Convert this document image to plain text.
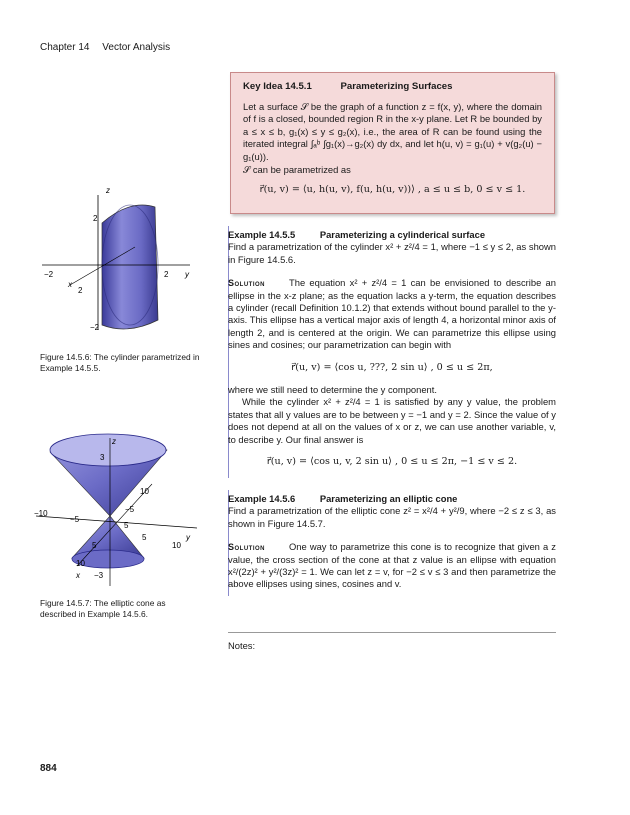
Chapter 14 Vector Analysis
Key Idea 14.5.1	Parameterizing Surfaces

Let a surface 𝒮 be the graph of a function z = f(x, y), where the domain of f is a closed, bounded region R in the x-y plane. Let R be bounded by a ≤ x ≤ b, g₁(x) ≤ y ≤ g₂(x), i.e., the area of R can be found using the iterated integral ∫ₐᵇ ∫g₁(x)→g₂(x) dy dx, and let h(u, v) = g₁(u) + v(g₂(u) − g₁(u)).

𝒮 can be parametrized as

r⃗(u, v) = ⟨u, h(u, v), f(u, h(u, v))⟩ , a ≤ u ≤ b, 0 ≤ v ≤ 1.
z
y
x
−2
2
2
2
−2
Figure 14.5.6: The cylinder parametrized in Example 14.5.5.
z
y
x
3
10
−5
5
−10
−5
5
10
5
10
−3
Figure 14.5.7: The elliptic cone as described in Example 14.5.6.
Example 14.5.5	Parameterizing a cylinderical surface

Find a parametrization of the cylinder x² + z²/4 = 1, where −1 ≤ y ≤ 2, as shown in Figure 14.5.6.

Solution	The equation x² + z²/4 = 1 can be envisioned to describe an ellipse in the x-z plane; as the equation lacks a y-term, the equation describes a cylinder (recall Definition 10.1.2) that extends without bound parallel to the y-axis. This ellipse has a vertical major axis of length 4, a horizontal minor axis of length 2, and is centered at the origin. We can parametrize this ellipse using sines and cosines; our parametrization can begin with

r⃗(u, v) = ⟨cos u, ???, 2 sin u⟩ , 0 ≤ u ≤ 2π,

where we still need to determine the y component.

While the cylinder x² + z²/4 = 1 is satisfied by any y value, the problem states that all y values are to be between y = −1 and y = 2. Since the value of y does not depend at all on the values of x or z, we can use another variable, v, to describe y. Our final answer is

r⃗(u, v) = ⟨cos u, v, 2 sin u⟩ , 0 ≤ u ≤ 2π, −1 ≤ v ≤ 2.
Example 14.5.6	Parameterizing an elliptic cone

Find a parametrization of the elliptic cone z² = x²/4 + y²/9, where −2 ≤ z ≤ 3, as shown in Figure 14.5.7.

Solution	One way to parametrize this cone is to recognize that given a z value, the cross section of the cone at that z value is an ellipse with equation x²/(2z)² + y²/(3z)² = 1. We can let z = v, for −2 ≤ v ≤ 3 and then parametrize the above ellipses using sines, cosines and v.

Notes:
884
